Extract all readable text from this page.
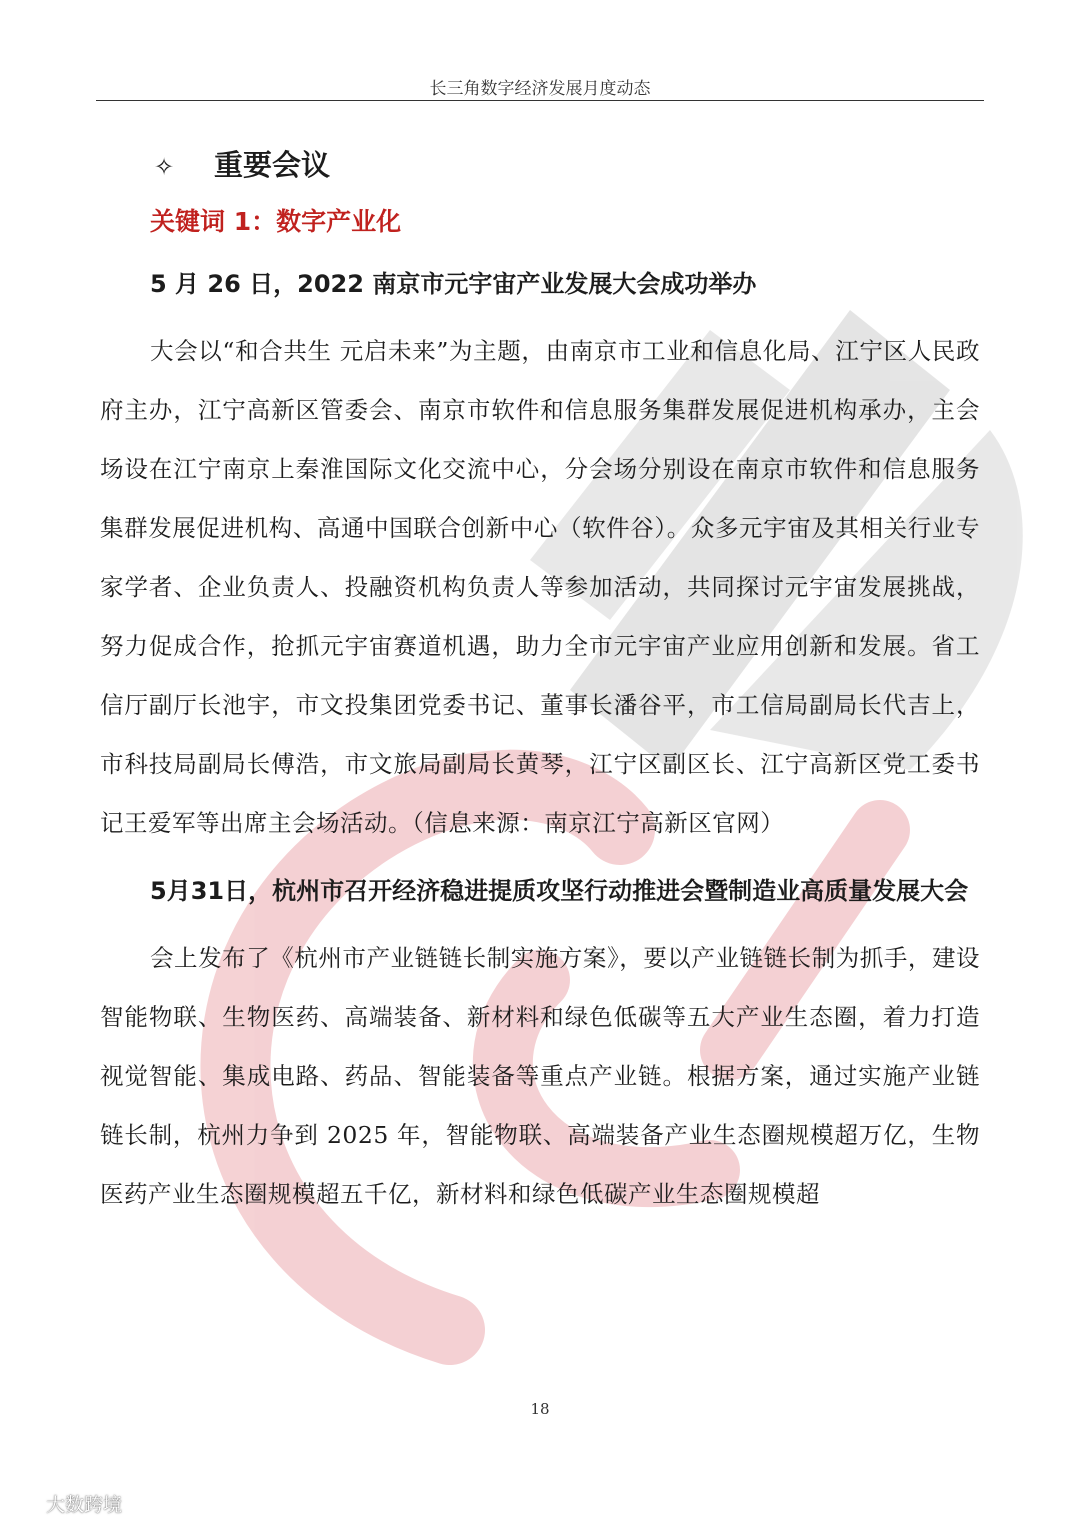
长三角数字经济发展月度动态
✧ 重要会议
关键词 1：数字产业化
5 月 26 日，2022 南京市元宇宙产业发展大会成功举办
大会以“和合共生 元启未来”为主题，由南京市工业和信息化局、江宁区人民政府主办，江宁高新区管委会、南京市软件和信息服务集群发展促进机构承办，主会场设在江宁南京上秦淮国际文化交流中心，分会场分别设在南京市软件和信息服务集群发展促进机构、高通中国联合创新中心（软件谷）。众多元宇宙及其相关行业专家学者、企业负责人、投融资机构负责人等参加活动，共同探讨元宇宙发展挑战，努力促成合作，抢抓元宇宙赛道机遇，助力全市元宇宙产业应用创新和发展。省工信厅副厅长池宇，市文投集团党委书记、董事长潘谷平，市工信局副局长代吉上，市科技局副局长傅浩，市文旅局副局长黄琴，江宁区副区长、江宁高新区党工委书记王爱军等出席主会场活动。（信息来源：南京江宁高新区官网）
5月31日，杭州市召开经济稳进提质攻坚行动推进会暨制造业高质量发展大会
会上发布了《杭州市产业链链长制实施方案》，要以产业链链长制为抓手，建设智能物联、生物医药、高端装备、新材料和绿色低碳等五大产业生态圈，着力打造视觉智能、集成电路、药品、智能装备等重点产业链。根据方案，通过实施产业链链长制，杭州力争到 2025 年，智能物联、高端装备产业生态圈规模超万亿，生物医药产业生态圈规模超五千亿，新材料和绿色低碳产业生态圈规模超
18
大数跨境
